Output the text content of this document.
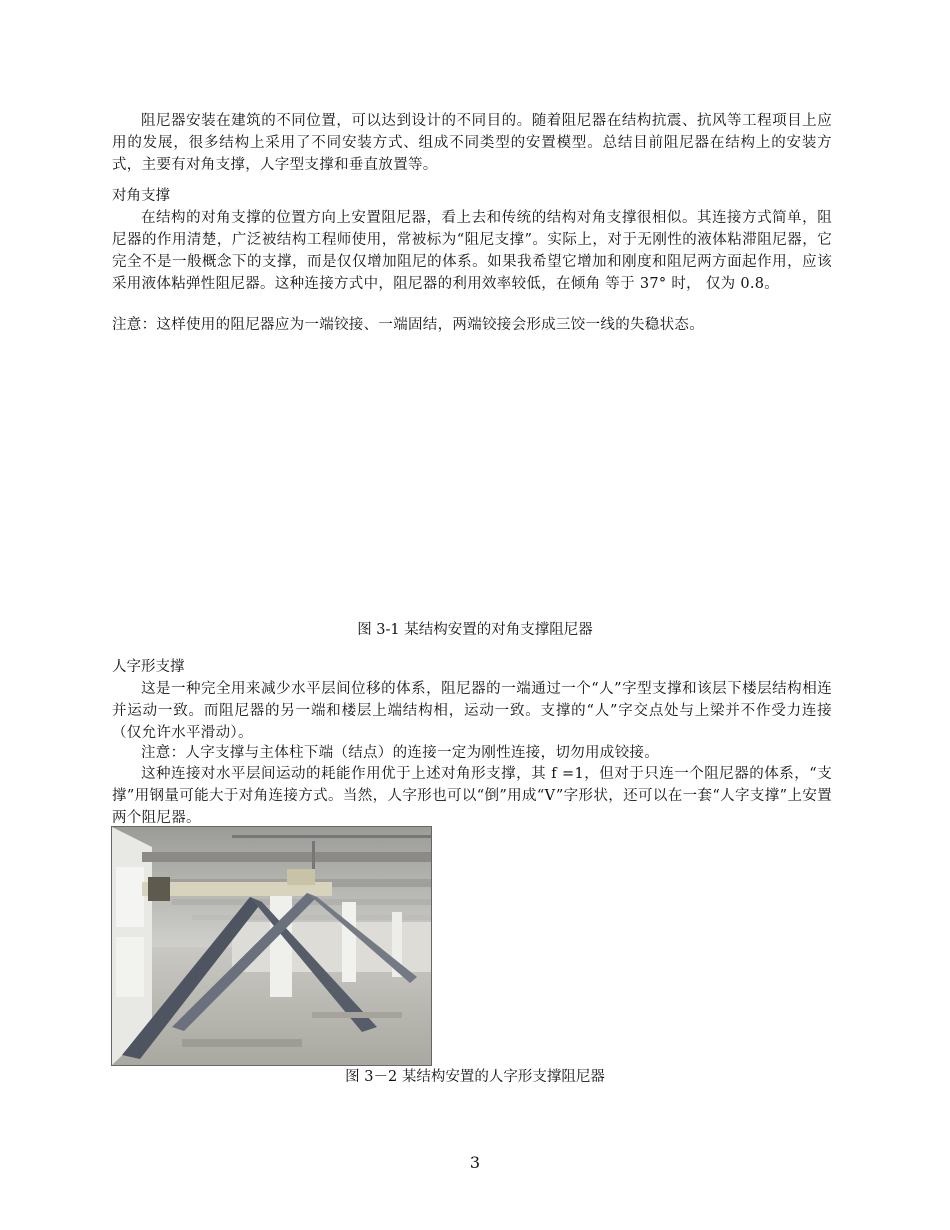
阻尼器安装在建筑的不同位置，可以达到设计的不同目的。随着阻尼器在结构抗震、抗风等工程项目上应用的发展，很多结构上采用了不同安装方式、组成不同类型的安置模型。总结目前阻尼器在结构上的安装方式，主要有对角支撑，人字型支撑和垂直放置等。

对角支撑

在结构的对角支撑的位置方向上安置阻尼器，看上去和传统的结构对角支撑很相似。其连接方式简单，阻尼器的作用清楚，广泛被结构工程师使用，常被标为“阻尼支撑”。实际上，对于无刚性的液体粘滞阻尼器，它完全不是一般概念下的支撑，而是仅仅增加阻尼的体系。如果我希望它增加和刚度和阻尼两方面起作用，应该采用液体粘弹性阻尼器。这种连接方式中，阻尼器的利用效率较低，在倾角 等于 37° 时， 仅为 0.8。

注意：这样使用的阻尼器应为一端铰接、一端固结，两端铰接会形成三饺一线的失稳状态。

图 3-1 某结构安置的对角支撑阻尼器

人字形支撑

这是一种完全用来减少水平层间位移的体系，阻尼器的一端通过一个“人”字型支撑和该层下楼层结构相连并运动一致。而阻尼器的另一端和楼层上端结构相，运动一致。支撑的“人”字交点处与上梁并不作受力连接（仅允许水平滑动）。

注意：人字支撑与主体柱下端（结点）的连接一定为刚性连接，切勿用成铰接。

这种连接对水平层间运动的耗能作用优于上述对角形支撑，其 f =1，但对于只连一个阻尼器的体系，“支撑”用钢量可能大于对角连接方式。当然，人字形也可以“倒”用成“V”字形状，还可以在一套“人字支撑”上安置两个阻尼器。

图 3－2 某结构安置的人字形支撑阻尼器

3
